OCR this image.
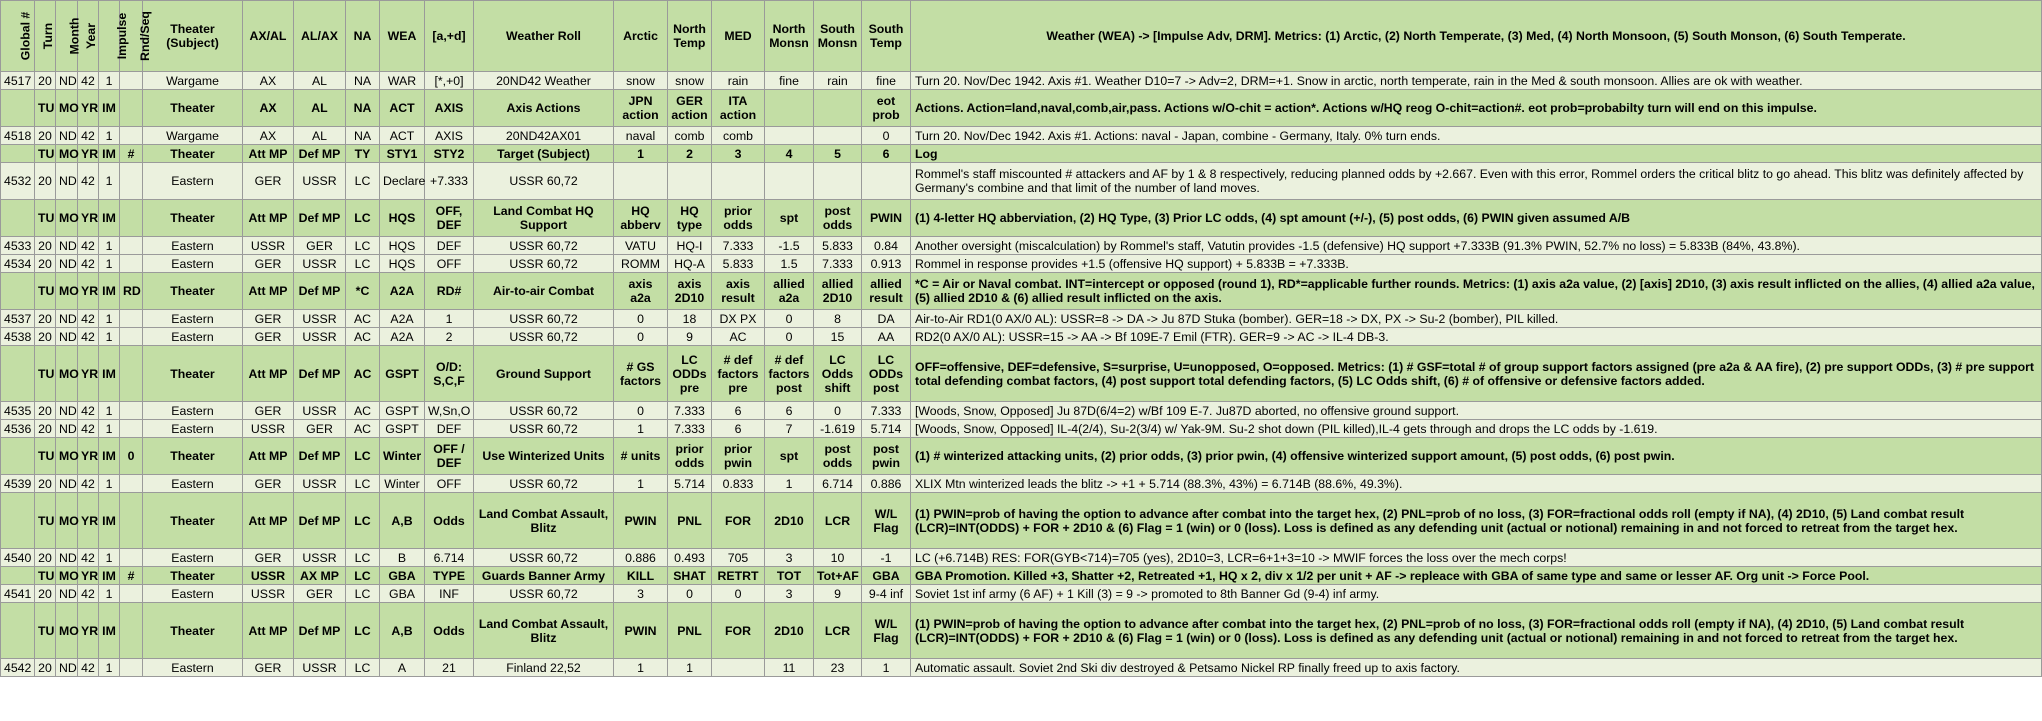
Global #	Turn	Month	Year	Impulse	Rnd/Seq	Theater (Subject)	AX/AL	AL/AX	NA	WEA	[a,+d]	Weather Roll	Arctic	North Temp	MED	North Monsn	South Monsn	South Temp	Weather (WEA) -> [Impulse Adv, DRM]. Metrics: (1) Arctic, (2) North Temperate, (3) Med, (4) North Monsoon, (5) South Monson, (6) South Temperate.
4517	20	ND	42	1		Wargame	AX	AL	NA	WAR	[*,+0]	20ND42 Weather	snow	snow	rain	fine	rain	fine	Turn 20. Nov/Dec 1942. Axis #1. Weather D10=7 -> Adv=2, DRM=+1. Snow in arctic, north temperate, rain in the Med & south monsoon. Allies are ok with weather.
	TU	MO	YR	IM		Theater	AX	AL	NA	ACT	AXIS	Axis Actions	JPN action	GER action	ITA action			eot prob	Actions. Action=land,naval,comb,air,pass. Actions w/O-chit = action*. Actions w/HQ reog O-chit=action#. eot prob=probabilty turn will end on this impulse.
4518	20	ND	42	1		Wargame	AX	AL	NA	ACT	AXIS	20ND42AX01	naval	comb	comb			0	Turn 20. Nov/Dec 1942. Axis #1. Actions: naval - Japan, combine - Germany, Italy. 0% turn ends.
	TU	MO	YR	IM	#	Theater	Att MP	Def MP	TY	STY1	STY2	Target (Subject)	1	2	3	4	5	6	Log
4532	20	ND	42	1		Eastern	GER	USSR	LC	Declare	+7.333	USSR 60,72							Rommel's staff miscounted # attackers and AF by 1 & 8 respectively, reducing planned odds by +2.667. Even with this error, Rommel orders the critical blitz to go ahead. This blitz was definitely affected by Germany's combine and that limit of the number of land moves.
	TU	MO	YR	IM		Theater	Att MP	Def MP	LC	HQS	OFF, DEF	Land Combat HQ Support	HQ abberv	HQ type	prior odds	spt	post odds	PWIN	(1) 4-letter HQ abberviation, (2) HQ Type, (3) Prior LC odds, (4) spt amount (+/-), (5) post odds, (6) PWIN given assumed A/B
4533	20	ND	42	1		Eastern	USSR	GER	LC	HQS	DEF	USSR 60,72	VATU	HQ-I	7.333	-1.5	5.833	0.84	Another oversight (miscalculation) by Rommel's staff, Vatutin provides -1.5 (defensive) HQ support +7.333B (91.3% PWIN, 52.7% no loss) = 5.833B (84%, 43.8%).
4534	20	ND	42	1		Eastern	GER	USSR	LC	HQS	OFF	USSR 60,72	ROMM	HQ-A	5.833	1.5	7.333	0.913	Rommel in response provides +1.5 (offensive HQ support) + 5.833B = +7.333B.
	TU	MO	YR	IM	RD	Theater	Att MP	Def MP	*C	A2A	RD#	Air-to-air Combat	axis a2a	axis 2D10	axis result	allied a2a	allied 2D10	allied result	*C = Air or Naval combat. INT=intercept or opposed (round 1), RD*=applicable further rounds. Metrics: (1) axis a2a value, (2) [axis] 2D10, (3) axis result inflicted on the allies, (4) allied a2a value, (5) allied 2D10 & (6) allied result inflicted on the axis.
4537	20	ND	42	1		Eastern	GER	USSR	AC	A2A	1	USSR 60,72	0	18	DX PX	0	8	DA	Air-to-Air RD1(0 AX/0 AL): USSR=8 -> DA -> Ju 87D Stuka (bomber). GER=18 -> DX, PX -> Su-2 (bomber), PIL killed.
4538	20	ND	42	1		Eastern	GER	USSR	AC	A2A	2	USSR 60,72	0	9	AC	0	15	AA	RD2(0 AX/0 AL): USSR=15 -> AA -> Bf 109E-7 Emil (FTR). GER=9 -> AC -> IL-4 DB-3.
	TU	MO	YR	IM		Theater	Att MP	Def MP	AC	GSPT	O/D: S,C,F	Ground Support	# GS factors	LC ODDs pre	# def factors pre	# def factors post	LC Odds shift	LC ODDs post	OFF=offensive, DEF=defensive, S=surprise, U=unopposed, O=opposed. Metrics: (1) # GSF=total # of group support factors assigned (pre a2a & AA fire), (2) pre support ODDs, (3) # pre support total defending combat factors, (4) post support total defending factors, (5) LC Odds shift, (6) # of offensive or defensive factors added.
4535	20	ND	42	1		Eastern	GER	USSR	AC	GSPT	W,Sn,O	USSR 60,72	0	7.333	6	6	0	7.333	[Woods, Snow, Opposed] Ju 87D(6/4=2) w/Bf 109 E-7. Ju87D aborted, no offensive ground support.
4536	20	ND	42	1		Eastern	USSR	GER	AC	GSPT	DEF	USSR 60,72	1	7.333	6	7	-1.619	5.714	[Woods, Snow, Opposed] IL-4(2/4), Su-2(3/4) w/ Yak-9M. Su-2 shot down (PIL killed),IL-4 gets through and drops the LC odds by -1.619.
	TU	MO	YR	IM	0	Theater	Att MP	Def MP	LC	Winter	OFF / DEF	Use Winterized Units	# units	prior odds	prior pwin	spt	post odds	post pwin	(1) # winterized attacking units, (2) prior odds, (3) prior pwin, (4) offensive winterized support amount, (5) post odds, (6) post pwin.
4539	20	ND	42	1		Eastern	GER	USSR	LC	Winter	OFF	USSR 60,72	1	5.714	0.833	1	6.714	0.886	XLIX Mtn winterized leads the blitz -> +1 + 5.714 (88.3%, 43%) = 6.714B (88.6%, 49.3%).
	TU	MO	YR	IM		Theater	Att MP	Def MP	LC	A,B	Odds	Land Combat Assault, Blitz	PWIN	PNL	FOR	2D10	LCR	W/L Flag	(1) PWIN=prob of having the option to advance after combat into the target hex, (2) PNL=prob of no loss, (3) FOR=fractional odds roll (empty if NA), (4) 2D10, (5) Land combat result (LCR)=INT(ODDS) + FOR + 2D10 & (6) Flag = 1 (win) or 0 (loss). Loss is defined as any defending unit (actual or notional) remaining in and not forced to retreat from the target hex.
4540	20	ND	42	1		Eastern	GER	USSR	LC	B	6.714	USSR 60,72	0.886	0.493	705	3	10	-1	LC (+6.714B) RES: FOR(GYB<714)=705 (yes), 2D10=3, LCR=6+1+3=10 -> MWIF forces the loss over the mech corps!
	TU	MO	YR	IM	#	Theater	USSR	AX MP	LC	GBA	TYPE	Guards Banner Army	KILL	SHAT	RETRT	TOT	Tot+AF	GBA	GBA Promotion. Killed +3, Shatter +2, Retreated +1, HQ x 2, div x 1/2 per unit + AF -> repleace with GBA of same type and same or lesser AF. Org unit -> Force Pool.
4541	20	ND	42	1		Eastern	USSR	GER	LC	GBA	INF	USSR 60,72	3	0	0	3	9	9-4 inf	Soviet 1st inf army (6 AF) + 1 Kill (3) = 9 -> promoted to 8th Banner Gd (9-4) inf army.
	TU	MO	YR	IM		Theater	Att MP	Def MP	LC	A,B	Odds	Land Combat Assault, Blitz	PWIN	PNL	FOR	2D10	LCR	W/L Flag	(1) PWIN=prob of having the option to advance after combat into the target hex, (2) PNL=prob of no loss, (3) FOR=fractional odds roll (empty if NA), (4) 2D10, (5) Land combat result (LCR)=INT(ODDS) + FOR + 2D10 & (6) Flag = 1 (win) or 0 (loss). Loss is defined as any defending unit (actual or notional) remaining in and not forced to retreat from the target hex.
4542	20	ND	42	1		Eastern	GER	USSR	LC	A	21	Finland 22,52	1	1		11	23	1	Automatic assault. Soviet 2nd Ski div destroyed & Petsamo Nickel RP finally freed up to axis factory.
